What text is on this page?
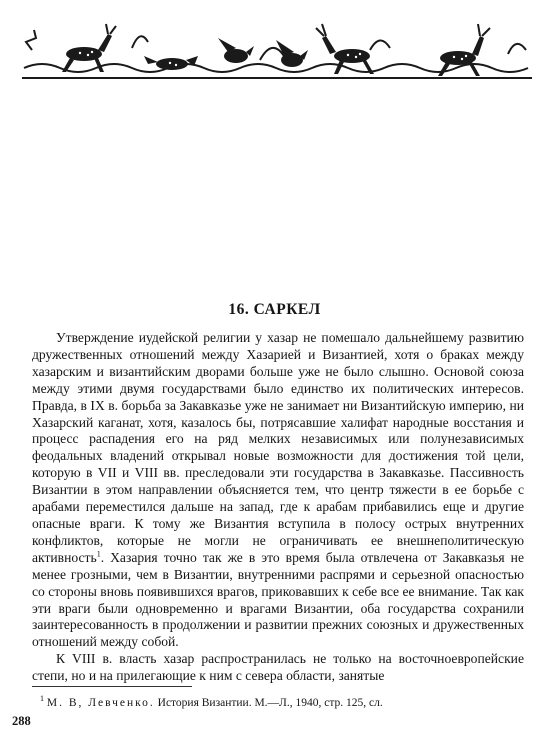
16. САРКЕЛ

Утверждение иудейской религии у хазар не помешало дальнейшему развитию дружественных отношений между Хазарией и Византией, хотя о браках между хазарским и византийским дворами больше уже не было слышно. Основой союза между этими двумя государствами было единство их политических интересов. Правда, в IX в. борьба за Закавказье уже не занимает ни Византийскую империю, ни Хазарский каганат, хотя, казалось бы, потрясавшие халифат народные восстания и процесс распадения его на ряд мелких независимых или полунезависимых феодальных владений открывал новые возможности для достижения той цели, которую в VII и VIII вв. преследовали эти государства в Закавказье. Пассивность Византии в этом направлении объясняется тем, что центр тяжести в ее борьбе с арабами переместился дальше на запад, где к арабам прибавились еще и другие опасные враги. К тому же Византия вступила в полосу острых внутренних конфликтов, которые не могли не ограничивать ее внешнеполитическую активность$^1$. Хазария точно так же в это время была отвлечена от Закавказья не менее грозными, чем в Византии, внутренними распрями и серьезной опасностью со стороны вновь появившихся врагов, приковавших к себе все ее внимание. Так как эти враги были одновременно и врагами Византии, оба государства сохранили заинтересованность в продолжении и развитии прежних союзных и дружественных отношений между собой.

К VIII в. власть хазар распространилась не только на восточноевропейские степи, но и на прилегающие к ним с севера области, занятые

$^1$ М. В, Левченко. История Византии. М.—Л., 1940, стр. 125, сл.
288
